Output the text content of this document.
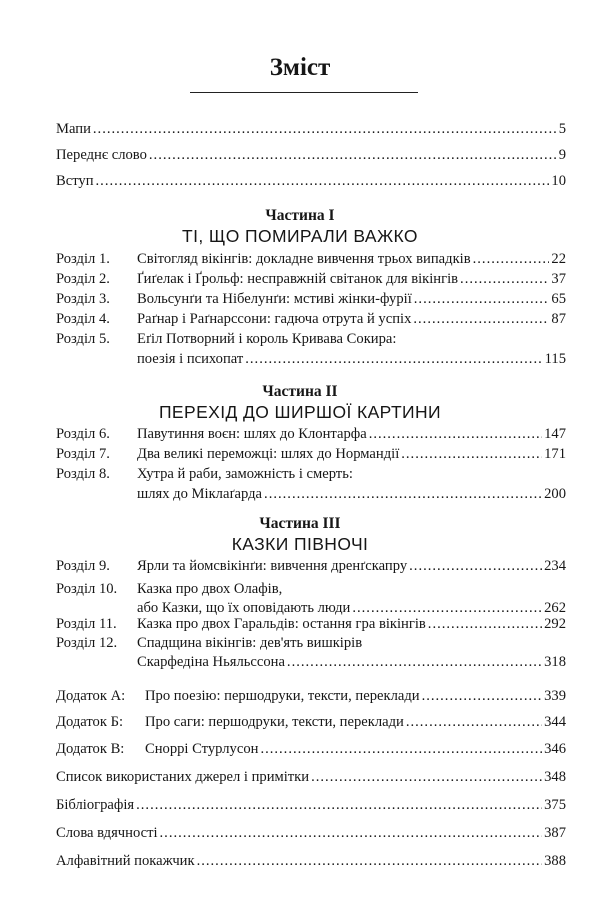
Зміст
Мапи .....	5
Переднє слово .....	9
Вступ .....	10
Частина I
ТІ, ЩО ПОМИРАЛИ ВАЖКО
Розділ 1.	Світогляд вікінгів: докладне вивчення трьох випадків .....	22
Розділ 2.	Ґиґелак і Ґрольф: несправжній світанок для вікінгів .....	37
Розділ 3.	Вольсунґи та Нібелунґи: мстиві жінки-фурії .....	65
Розділ 4.	Раґнар і Раґнарссони: гадюча отрута й успіх .....	87
Розділ 5. Еґіл Потворний і король Кривава Сокира:
поезія і психопат .....	115
Частина II
ПЕРЕХІД ДО ШИРШОЇ КАРТИНИ
Розділ 6.	Павутиння воєн: шлях до Клонтарфа .....	147
Розділ 7.	Два великі переможці: шлях до Нормандії .....	171
Розділ 8. Хутра й раби, заможність і смерть:
шлях до Міклаґарда .....	200
Частина III
КАЗКИ ПІВНОЧІ
Розділ 9.	Ярли та йомсвікінґи: вивчення дренґскапру .....	234
Розділ 10. Казка про двох Олафів,
або Казки, що їх оповідають люди .....	262
Розділ 11.	Казка про двох Гаральдів: остання гра вікінгів .....	292
Розділ 12. Спадщина вікінгів: дев'ять вишкірів
Скарфедіна Ньяльссона .....	318
Додаток А:	Про поезію: першодруки, тексти, переклади .....	339
Додаток Б:	Про саги: першодруки, тексти, переклади .....	344
Додаток В:	Сноррі Стурлусон .....	346
Список використаних джерел і примітки .....	348
Бібліографія .....	375
Слова вдячності .....	387
Алфавітний покажчик .....	388
